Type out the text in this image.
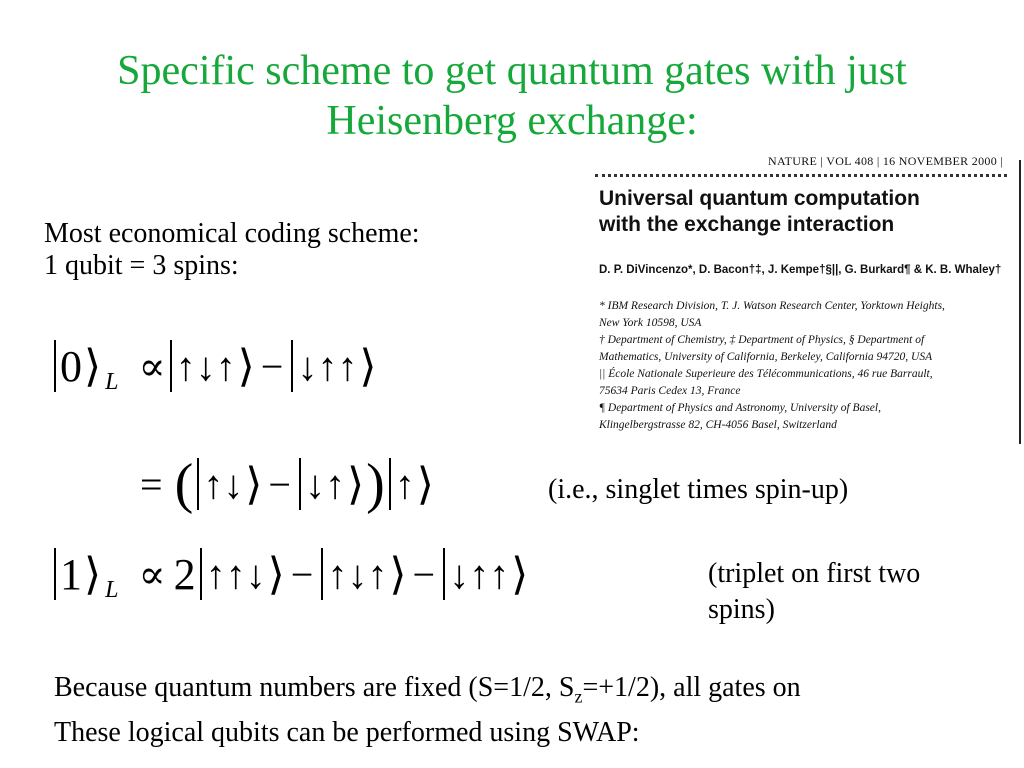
Specific scheme to get quantum gates with just
Heisenberg exchange:
Most economical coding scheme:
1 qubit = 3 spins:
NATURE | VOL 408 | 16 NOVEMBER 2000 |
Universal quantum computation
with the exchange interaction
D. P. DiVincenzo*, D. Bacon†‡, J. Kempe†§||, G. Burkard¶ & K. B. Whaley†
* IBM Research Division, T. J. Watson Research Center, Yorktown Heights,
New York 10598, USA
† Department of Chemistry, ‡ Department of Physics, § Department of
Mathematics, University of California, Berkeley, California 94720, USA
|| École Nationale Superieure des Télécommunications, 46 rue Barrault,
75634 Paris Cedex 13, France
¶ Department of Physics and Astronomy, University of Basel,
Klingelbergstrasse 82, CH-4056 Basel, Switzerland
0 ⟩ L ∝ ↑↓↑ ⟩ − ↓↑↑ ⟩
= ( ↑↓ ⟩ − ↓↑ ⟩ ) ↑ ⟩	(i.e., singlet times spin-up)
1 ⟩ L ∝ 2 ↑↑↓ ⟩ − ↑↓↑ ⟩ − ↓↑↑ ⟩	(triplet on first two
spins)
Because quantum numbers are fixed (S=1/2, $S_z=+1/2$), all gates on
These logical qubits can be performed using SWAP:
